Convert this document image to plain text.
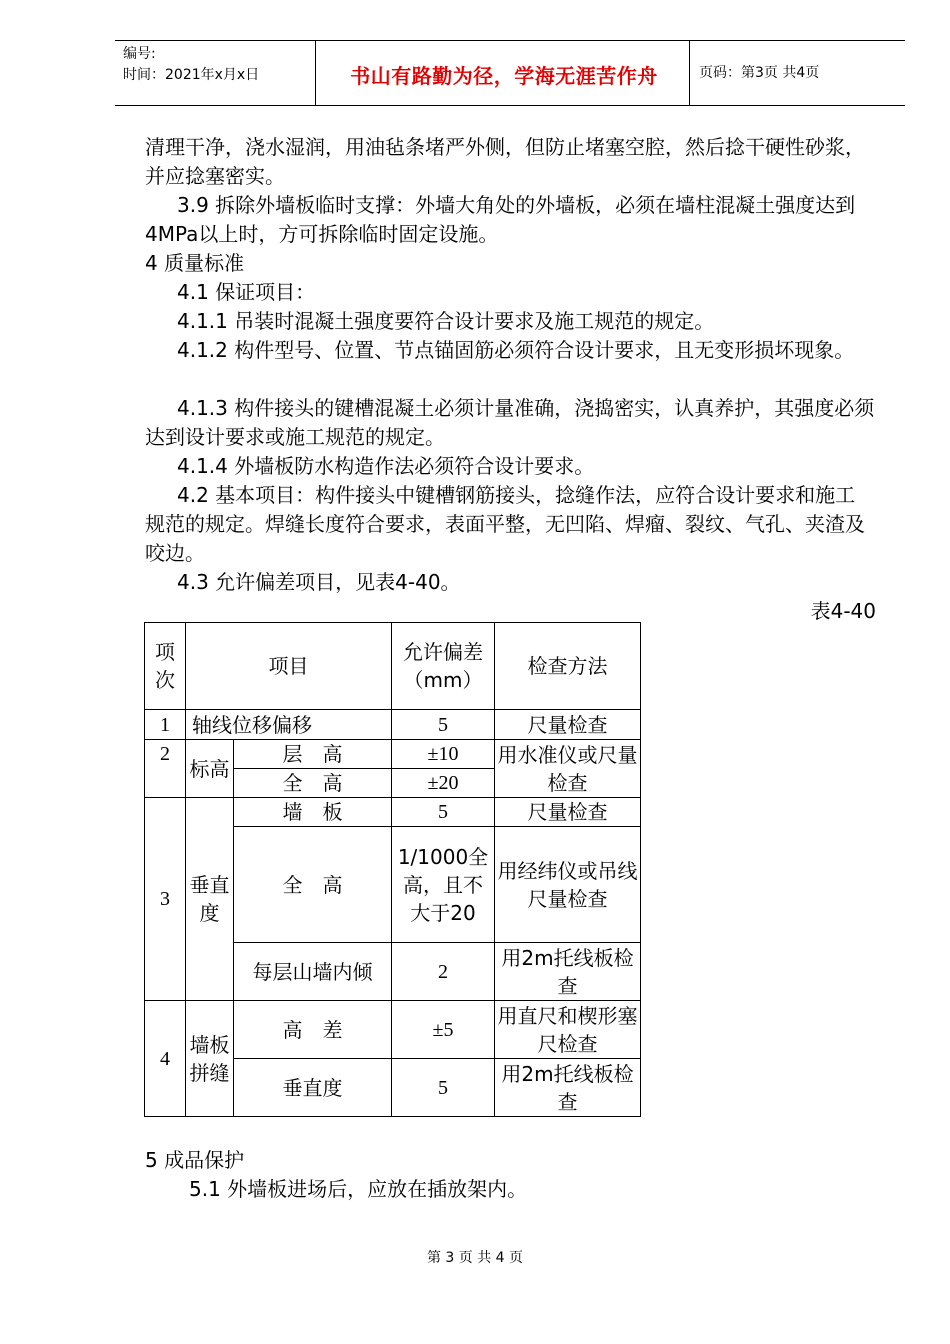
编号:
时间：2021年x月x日	书山有路勤为径，学海无涯苦作舟	页码：第3页 共4页

清理干净，浇水湿润，用油毡条堵严外侧，但防止堵塞空腔，然后捻干硬性砂浆，并应捻塞密实。

3.9 拆除外墙板临时支撑：外墙大角处的外墙板，必须在墙柱混凝土强度达到4MPa以上时，方可拆除临时固定设施。

4 质量标准

4.1 保证项目：

4.1.1 吊装时混凝土强度要符合设计要求及施工规范的规定。

4.1.2 构件型号、位置、节点锚固筋必须符合设计要求，且无变形损坏现象。

4.1.3 构件接头的键槽混凝土必须计量准确，浇捣密实，认真养护，其强度必须达到设计要求或施工规范的规定。

4.1.4 外墙板防水构造作法必须符合设计要求。

4.2 基本项目：构件接头中键槽钢筋接头，捻缝作法，应符合设计要求和施工规范的规定。焊缝长度符合要求，表面平整，无凹陷、焊瘤、裂纹、气孔、夹渣及咬边。

4.3 允许偏差项目，见表4-40。

表4-40
项次	项目		允许偏差（mm）	检查方法
1	轴线位移偏移		5	尺量检查
2	标高	层　高	±10	用水准仪或尺量检查
		全　高	±20	
3	垂直度	墙　板	5	尺量检查
		全　高	1/1000全高，且不大于20	用经纬仪或吊线尺量检查
		每层山墙内倾	2	用2m托线板检查
4	墙板拼缝	高　差	±5	用直尺和楔形塞尺检查
		垂直度	5	用2m托线板检查

5 成品保护

5.1 外墙板进场后，应放在插放架内。

第 3 页 共 4 页
